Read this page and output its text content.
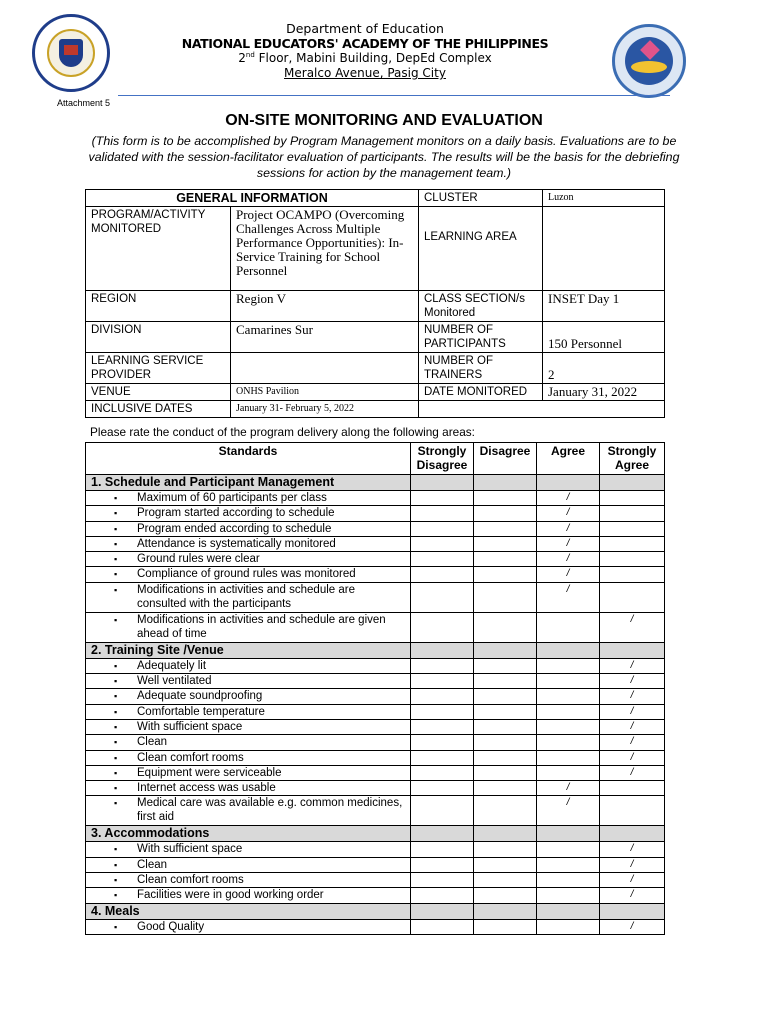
Department of Education
NATIONAL EDUCATORS' ACADEMY OF THE PHILIPPINES
2nd Floor, Mabini Building, DepEd Complex
Meralco Avenue, Pasig City
Attachment 5
ON-SITE MONITORING AND EVALUATION
(This form is to be accomplished by Program Management monitors on a daily basis. Evaluations are to be validated with the session-facilitator evaluation of participants. The results will be the basis for the debriefing sessions for action by the management team.)
GENERAL INFORMATION		CLUSTER	Luzon
PROGRAM/ACTIVITY MONITORED	Project OCAMPO (Overcoming Challenges Across Multiple Performance Opportunities): In-Service Training for School Personnel	LEARNING AREA	
REGION	Region V	CLASS SECTION/s Monitored	INSET Day 1
DIVISION	Camarines Sur	NUMBER OF PARTICIPANTS	150 Personnel
LEARNING SERVICE PROVIDER		NUMBER OF TRAINERS	2
VENUE	ONHS Pavilion	DATE MONITORED	January 31, 2022
INCLUSIVE DATES	January 31- February 5, 2022		
Please rate the conduct of the program delivery along the following areas:
Standards	Strongly Disagree	Disagree	Agree	Strongly Agree
1. Schedule and Participant Management				
▪ Maximum of 60 participants per class			/	
▪ Program started according to schedule			/	
▪ Program ended according to schedule			/	
▪ Attendance is systematically monitored			/	
▪ Ground rules were clear			/	
▪ Compliance of ground rules was monitored			/	
▪ Modifications in activities and schedule are consulted with the participants			/	
▪ Modifications in activities and schedule are given ahead of time				/
2. Training Site /Venue				
▪ Adequately lit				/
▪ Well ventilated				/
▪ Adequate soundproofing				/
▪ Comfortable temperature				/
▪ With sufficient space				/
▪ Clean				/
▪ Clean comfort rooms				/
▪ Equipment were serviceable				/
▪ Internet access was usable			/	
▪ Medical care was available e.g. common medicines, first aid			/	
3. Accommodations				
▪ With sufficient space				/
▪ Clean				/
▪ Clean comfort rooms				/
▪ Facilities were in good working order				/
4. Meals				
▪ Good Quality				/
